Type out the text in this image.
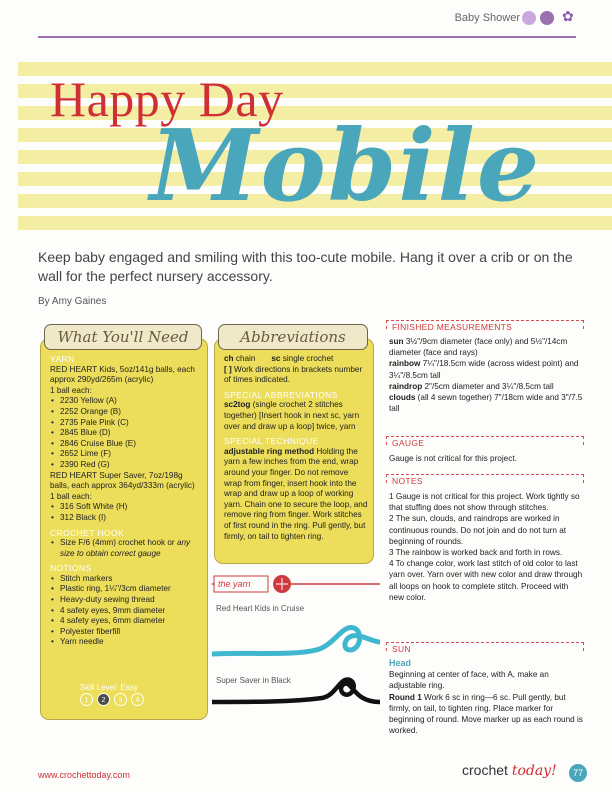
Baby Shower	✿
Happy Day
Mobile
Keep baby engaged and smiling with this too-cute mobile. Hang it over a crib or on the wall for the perfect nursery accessory.
By Amy Gaines
What You'll Need
YARN
RED HEART Kids, 5oz/141g balls, each approx 290yd/265m (acrylic)
1 ball each:
• 2230 Yellow (A)
• 2252 Orange (B)
• 2735 Pale Pink (C)
• 2845 Blue (D)
• 2846 Cruise Blue (E)
• 2652 Lime (F)
• 2390 Red (G)
RED HEART Super Saver, 7oz/198g balls, each approx 364yd/333m (acrylic)
1 ball each:
• 316 Soft White (H)
• 312 Black (I)
CROCHET HOOK
• Size F/6 (4mm) crochet hook or any size to obtain correct gauge
NOTIONS
• Stitch markers
• Plastic ring, 1¼"/3cm diameter
• Heavy-duty sewing thread
• 4 safety eyes, 9mm diameter
• 4 safety eyes, 6mm diameter
• Polyester fiberfill
• Yarn needle
Skill Level: Easy
1	2	3	4
Abbreviations
ch chain sc single crochet
[ ] Work directions in brackets number of times indicated.
SPECIAL ABBREVIATIONS
sc2tog (single crochet 2 stitches together) [Insert hook in next sc, yarn over and draw up a loop] twice, yarn
SPECIAL TECHNIQUE
adjustable ring method Holding the yarn a few inches from the end, wrap around your finger. Do not remove wrap from finger, insert hook into the wrap and draw up a loop of working yarn. Chain one to secure the loop, and remove ring from finger. Work stitches of first round in the ring. Pull gently, but firmly, on tail to tighten ring.
the yarn
Red Heart Kids in Cruise
Super Saver in Black
FINISHED MEASUREMENTS
sun 3½"/9cm diameter (face only) and 5½"/14cm diameter (face and rays)
rainbow 7¼"/18.5cm wide (across widest point) and 3¼"/8.5cm tall
raindrop 2"/5cm diameter and 3¼"/8.5cm tall
clouds (all 4 sewn together) 7"/18cm wide and 3"/7.5 tall
GAUGE
Gauge is not critical for this project.
NOTES
1 Gauge is not critical for this project. Work tightly so that stuffing does not show through stitches.
2 The sun, clouds, and raindrops are worked in continuous rounds. Do not join and do not turn at beginning of rounds.
3 The rainbow is worked back and forth in rows.
4 To change color, work last stitch of old color to last yarn over. Yarn over with new color and draw through all loops on hook to complete stitch. Proceed with new color.
SUN
Head
Beginning at center of face, with A, make an adjustable ring.
Round 1 Work 6 sc in ring—6 sc. Pull gently, but firmly, on tail, to tighten ring. Place marker for beginning of round. Move marker up as each round is worked.
www.crochettoday.com	crochet today!	77
